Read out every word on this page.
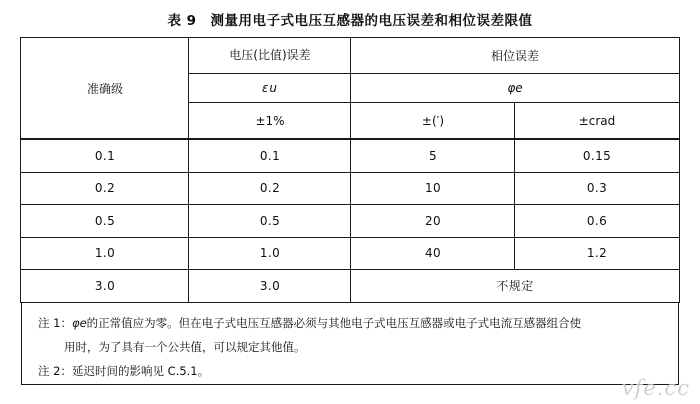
表 9 测量用电子式电压互感器的电压误差和相位误差限值
准确级	电压(比值)误差	相位误差	
	εu	φe	
	±1%	±(′)	±crad
0.1	0.1	5	0.15
0.2	0.2	10	0.3
0.5	0.5	20	0.6
1.0	1.0	40	1.2
3.0	3.0	不规定	

注 1：φe的正常值应为零。但在电子式电压互感器必须与其他电子式电压互感器或电子式电流互感器组合使

用时，为了具有一个公共值，可以规定其他值。

注 2：延迟时间的影响见 C.5.1。

vfe.cc
